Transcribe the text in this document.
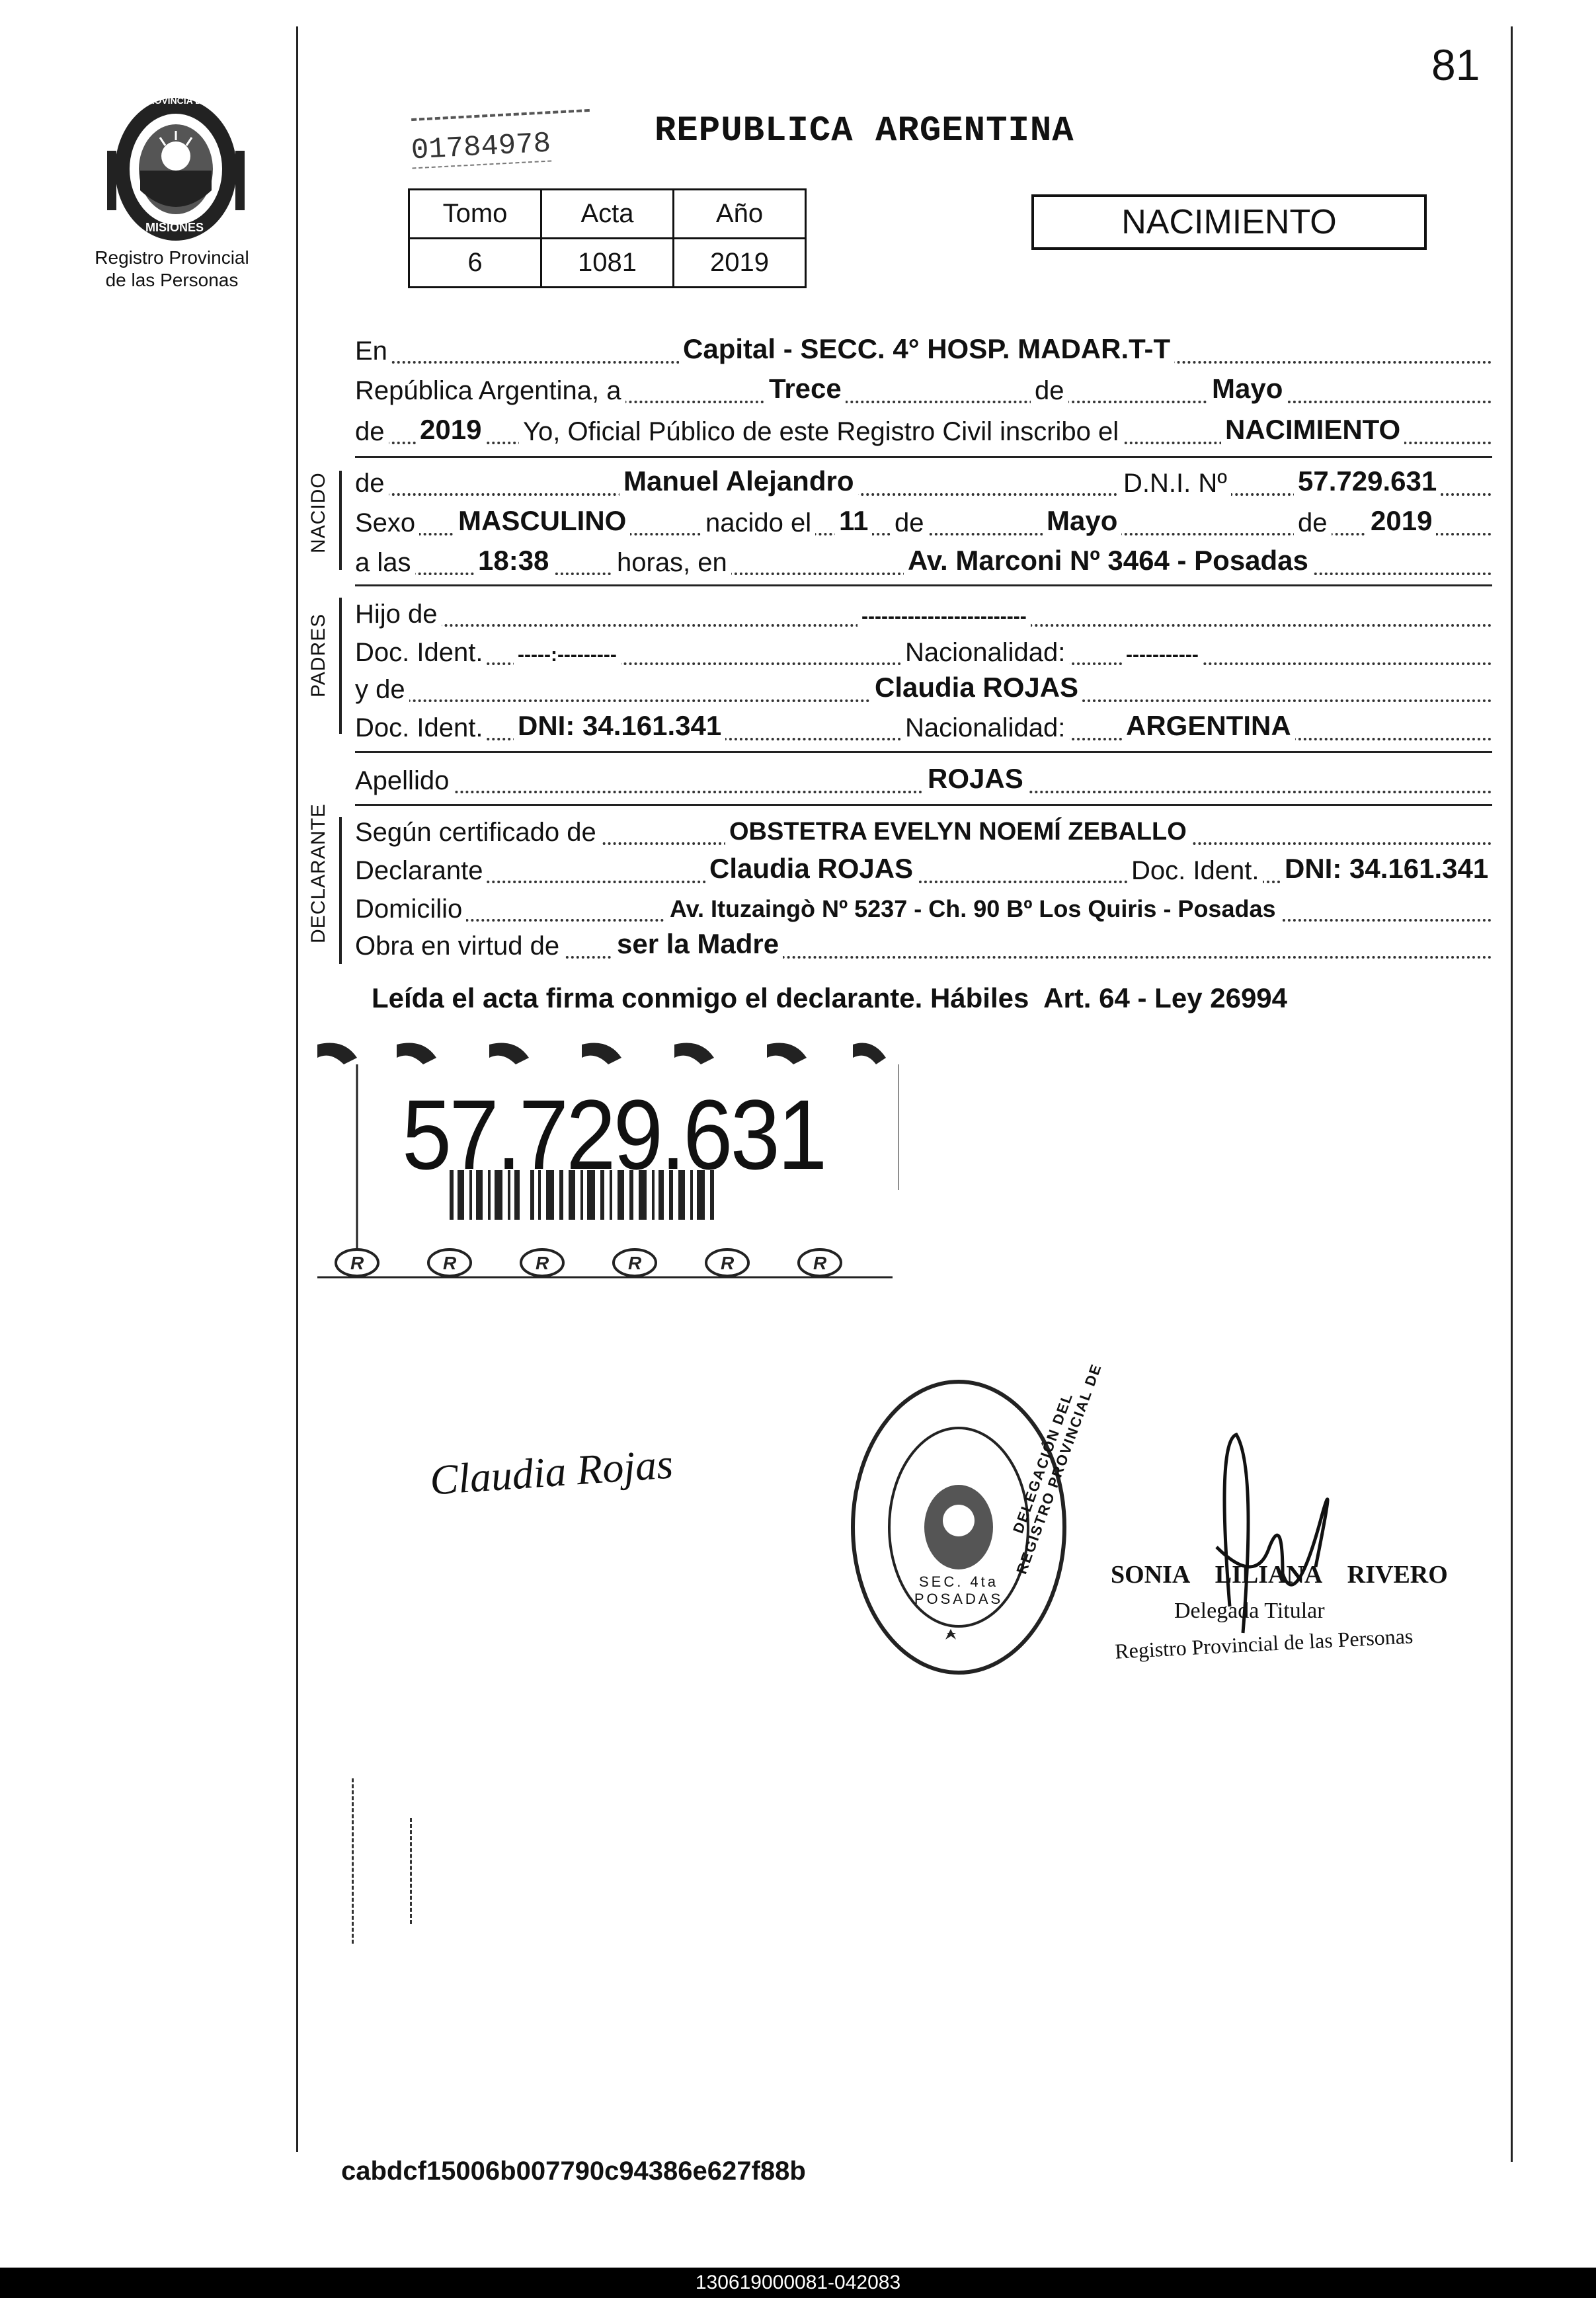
81
PROVINCIA DE
MISIONES
Registro Provincial
de las Personas
01784978	REPUBLICA ARGENTINA
Tomo	Acta	Año
6	1081	2019
NACIMIENTO
En	Capital - SECC. 4° HOSP. MADAR.T-T
República Argentina, a	Trece	de	Mayo
de 2019 Yo, Oficial Público de este Registro Civil inscribo el	NACIMIENTO
NACIDO de	Manuel Alejandro	D.N.I. Nº	57.729.631
Sexo MASCULINO	nacido el 11 de	Mayo	de 2019
a las 18:38	horas, en	Av. Marconi Nº 3464 - Posadas
PADRES Hijo de	-------------------------
Doc. Ident. -----:---------	Nacionalidad:	-----------
y de	Claudia ROJAS
Doc. Ident. DNI: 34.161.341	Nacionalidad: ARGENTINA
Apellido	ROJAS
DECLARANTE Según certificado de	OBSTETRA EVELYN NOEMÍ ZEBALLO
Declarante	Claudia ROJAS	Doc. Ident. DNI: 34.161.341
Domicilio	Av. Ituzaingò Nº 5237 - Ch. 90 Bº Los Quiris - Posadas
Obra en virtud de ser la Madre
Leída el acta firma conmigo el declarante. Hábiles  Art. 64 - Ley 26994
R	R	R	R	R	R
57.729.631
Claudia Rojas	DELEGACIÓN DEL REGISTRO PROVINCIAL DE
SEC. 4ta POSADAS
SONIA LILIANA RIVERO
Delegada Titular
Registro Provincial de las Personas
cabdcf15006b007790c94386e627f88b
130619000081-042083
